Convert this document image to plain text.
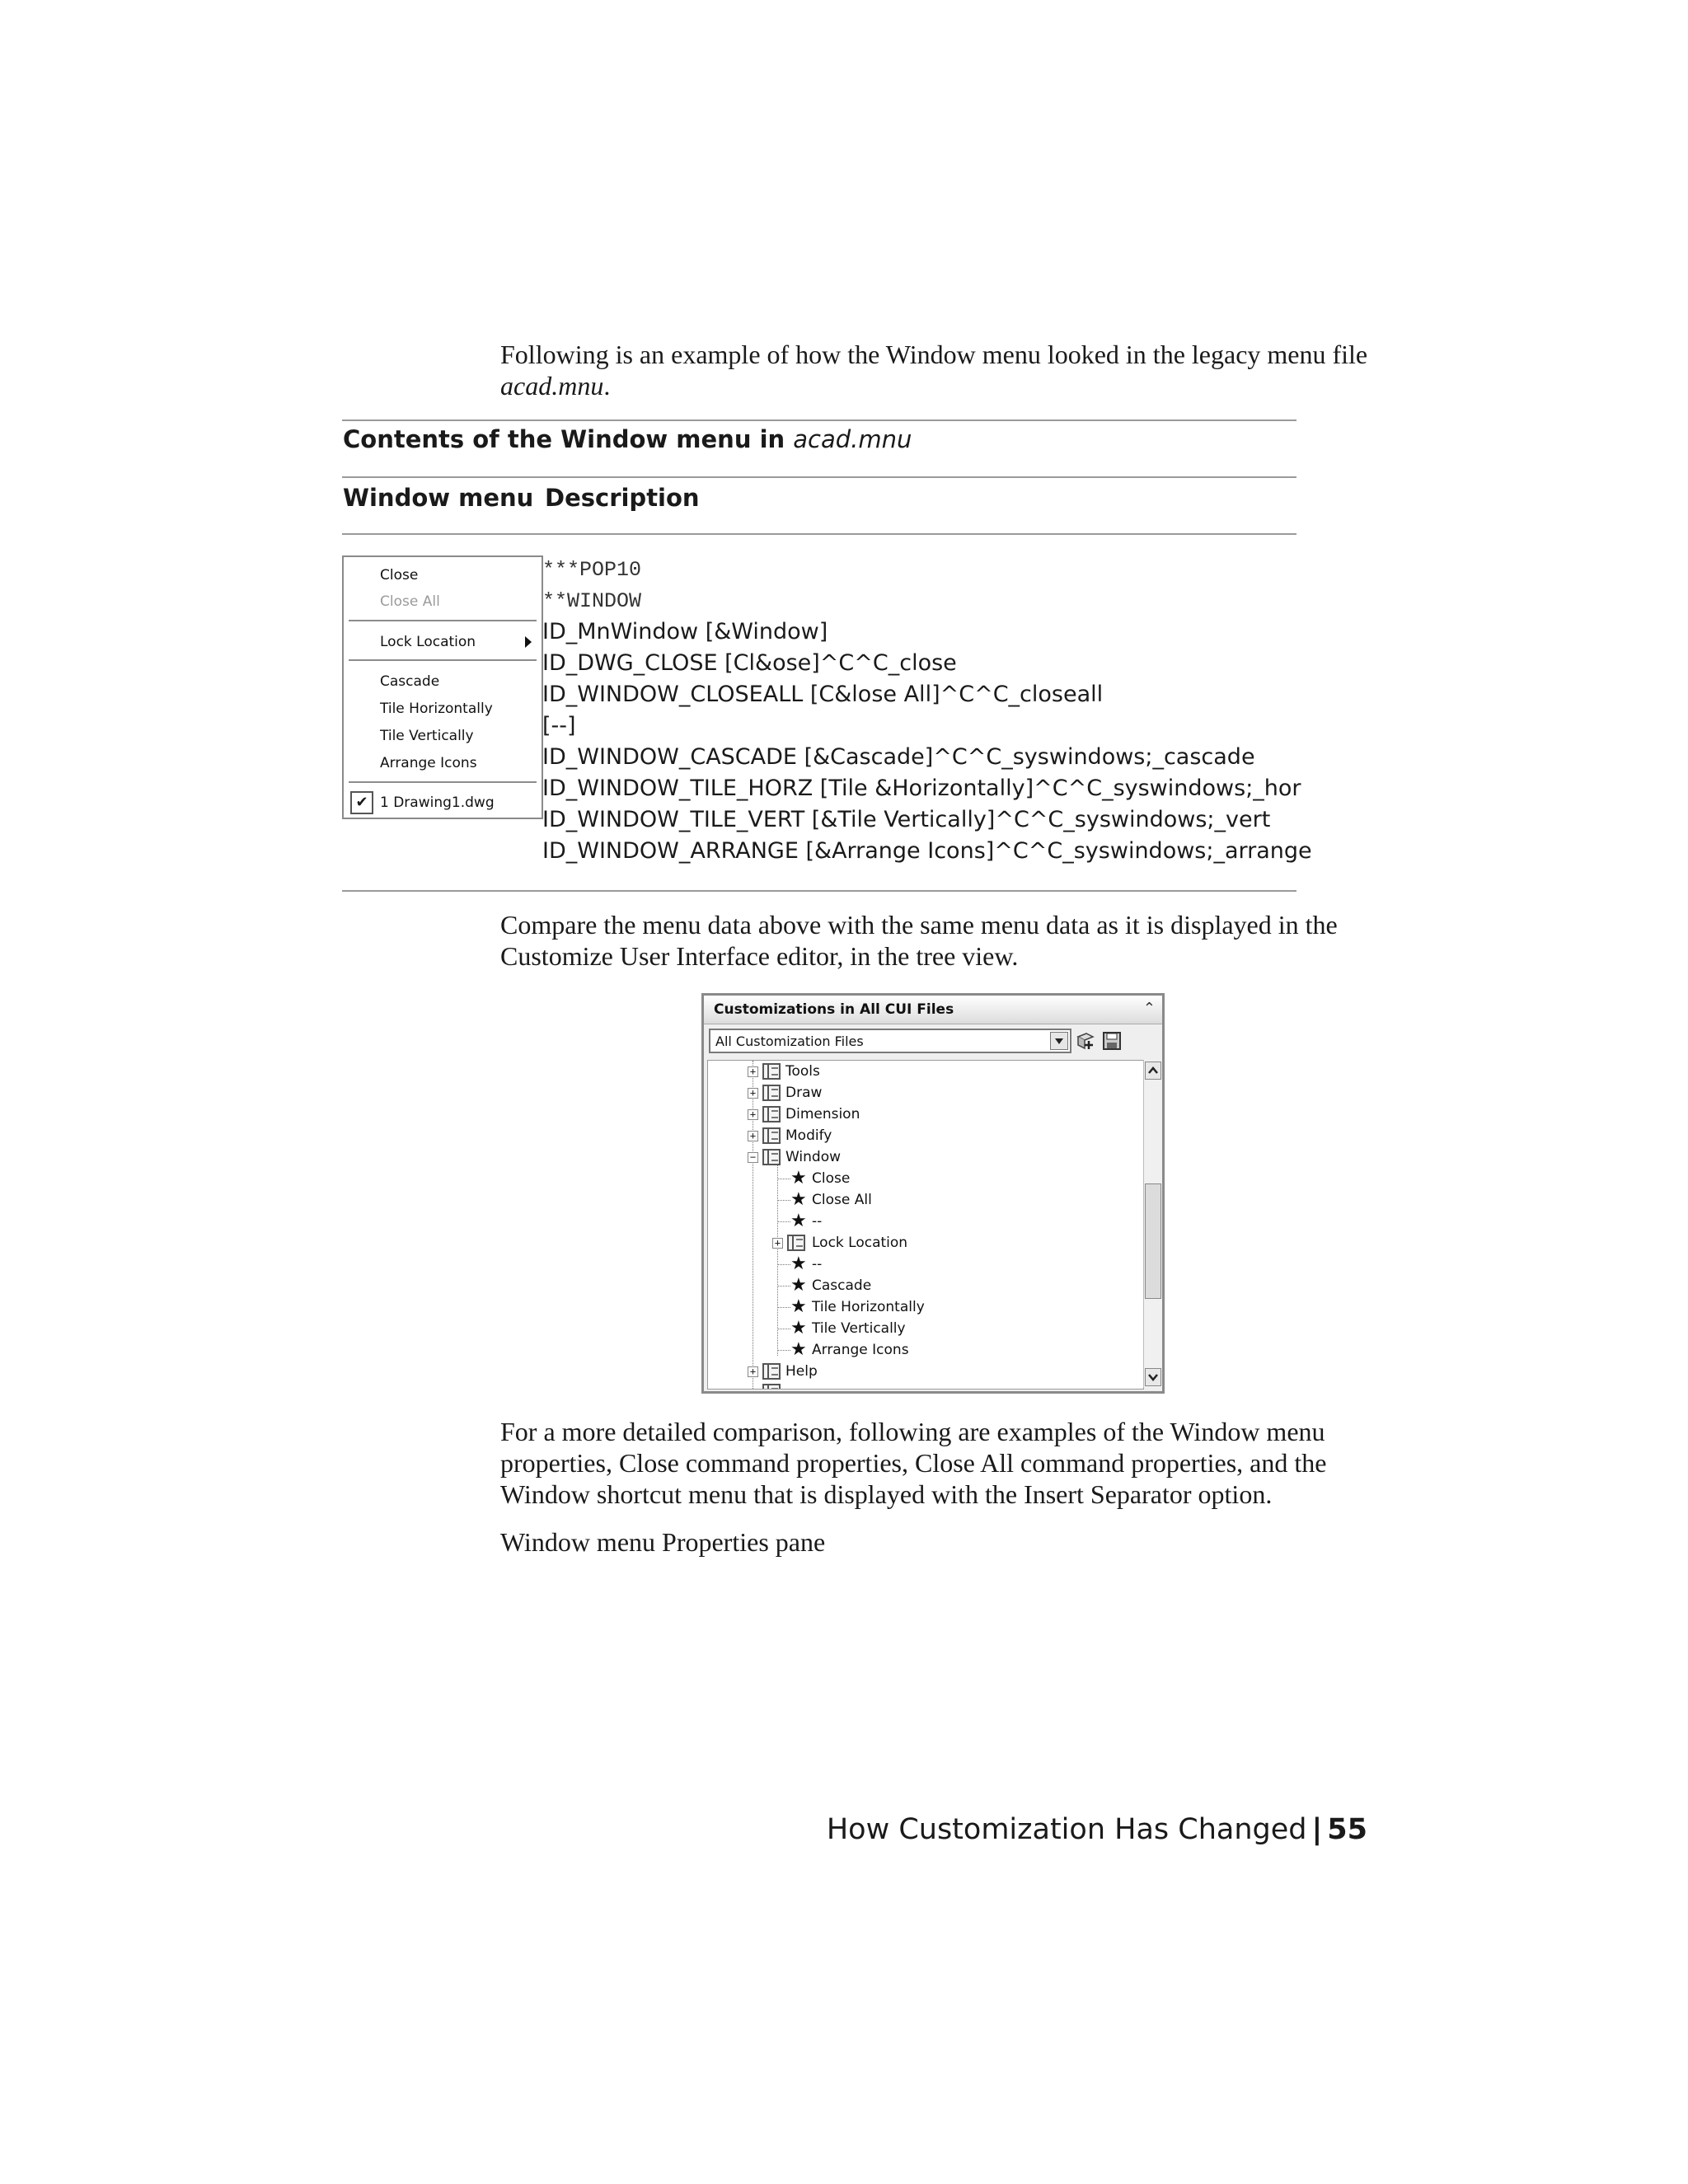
Following is an example of how the Window menu looked in the legacy menu file acad.mnu.
Contents of the Window menu in acad.mnu
Window menu Description
Close
Close All
Lock Location
Cascade
Tile Horizontally
Tile Vertically
Arrange Icons
✔ 1 Drawing1.dwg
***POP10
**WINDOW
ID_MnWindow [&Window]
ID_DWG_CLOSE [Cl&ose]^C^C_close
ID_WINDOW_CLOSEALL [C&lose All]^C^C_closeall
[--]
ID_WINDOW_CASCADE [&Cascade]^C^C_syswindows;_cascade
ID_WINDOW_TILE_HORZ [Tile &Horizontally]^C^C_syswindows;_hor
ID_WINDOW_TILE_VERT [&Tile Vertically]^C^C_syswindows;_vert
ID_WINDOW_ARRANGE [&Arrange Icons]^C^C_syswindows;_arrange
Compare the menu data above with the same menu data as it is displayed in the Customize User Interface editor, in the tree view.
Customizations in All CUI Files	⌃
All Customization Files
+ Tools
+ Draw
+ Dimension
+ Modify
− Window
★ Close
★ Close All
★ --
+ Lock Location
★ --
★ Cascade
★ Tile Horizontally
★ Tile Vertically
★ Arrange Icons
+ Help
For a more detailed comparison, following are examples of the Window menu properties, Close command properties, Close All command properties, and the Window shortcut menu that is displayed with the Insert Separator option.
Window menu Properties pane
How Customization Has Changed | 55
